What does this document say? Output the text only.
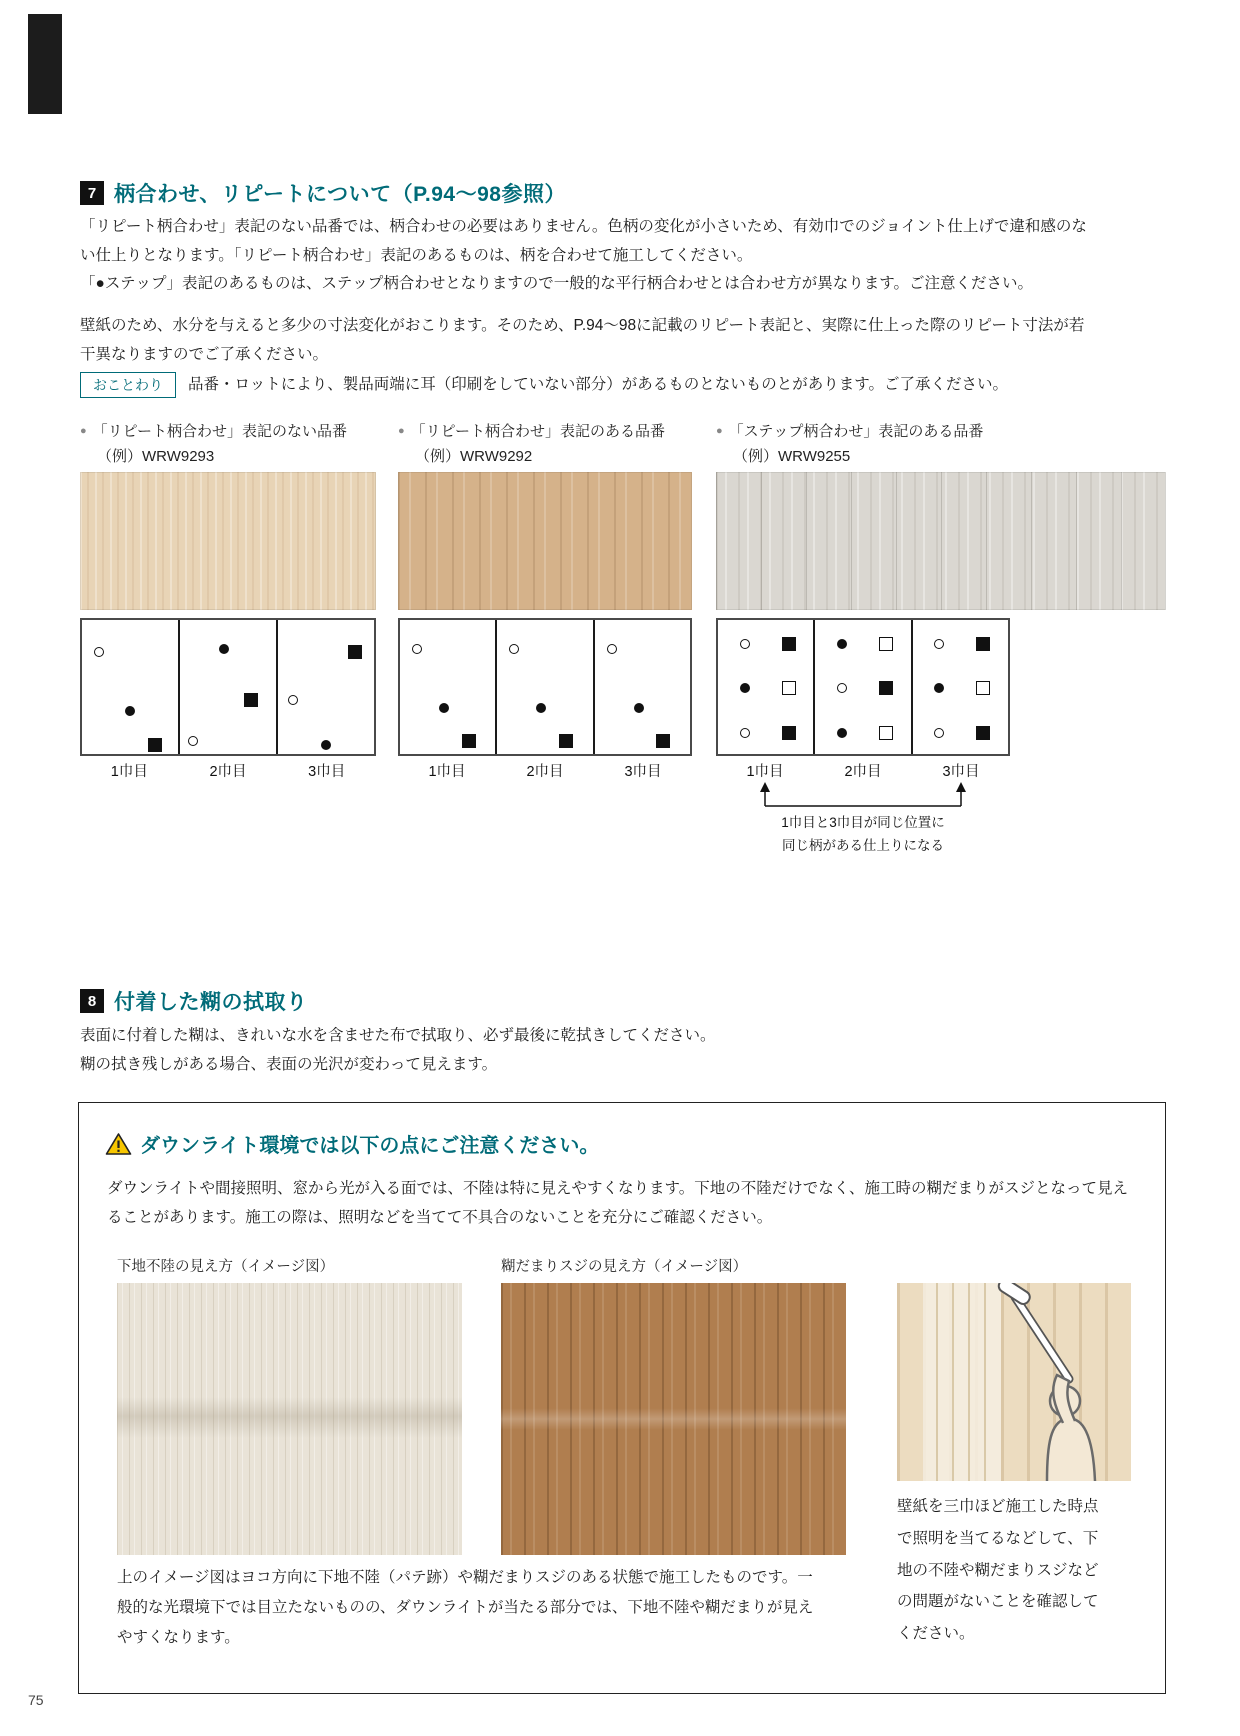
7 柄合わせ、リピートについて（P.94～98参照）
「リピート柄合わせ」表記のない品番では、柄合わせの必要はありません。色柄の変化が小さいため、有効巾でのジョイント仕上げで違和感のない仕上りとなります。「リピート柄合わせ」表記のあるものは、柄を合わせて施工してください。
「●ステップ」表記のあるものは、ステップ柄合わせとなりますので一般的な平行柄合わせとは合わせ方が異なります。ご注意ください。
壁紙のため、水分を与えると多少の寸法変化がおこります。そのため、P.94～98に記載のリピート表記と、実際に仕上った際のリピート寸法が若干異なりますのでご了承ください。
おことわり	品番・ロットにより、製品両端に耳（印刷をしていない部分）があるものとないものとがあります。ご了承ください。
● 「リピート柄合わせ」表記のない品番
（例）WRW9293
1巾目	2巾目	3巾目
● 「リピート柄合わせ」表記のある品番
（例）WRW9292
1巾目	2巾目	3巾目
● 「ステップ柄合わせ」表記のある品番
（例）WRW9255
1巾目	2巾目	3巾目
1巾目と3巾目が同じ位置に
同じ柄がある仕上りになる
8 付着した糊の拭取り
表面に付着した糊は、きれいな水を含ませた布で拭取り、必ず最後に乾拭きしてください。
糊の拭き残しがある場合、表面の光沢が変わって見えます。
ダウンライト環境では以下の点にご注意ください。
ダウンライトや間接照明、窓から光が入る面では、不陸は特に見えやすくなります。下地の不陸だけでなく、施工時の糊だまりがスジとなって見えることがあります。施工の際は、照明などを当てて不具合のないことを充分にご確認ください。
下地不陸の見え方（イメージ図）	糊だまりスジの見え方（イメージ図）
壁紙を三巾ほど施工した時点で照明を当てるなどして、下地の不陸や糊だまりスジなどの問題がないことを確認してください。
上のイメージ図はヨコ方向に下地不陸（パテ跡）や糊だまりスジのある状態で施工したものです。一般的な光環境下では目立たないものの、ダウンライトが当たる部分では、下地不陸や糊だまりが見えやすくなります。
75
